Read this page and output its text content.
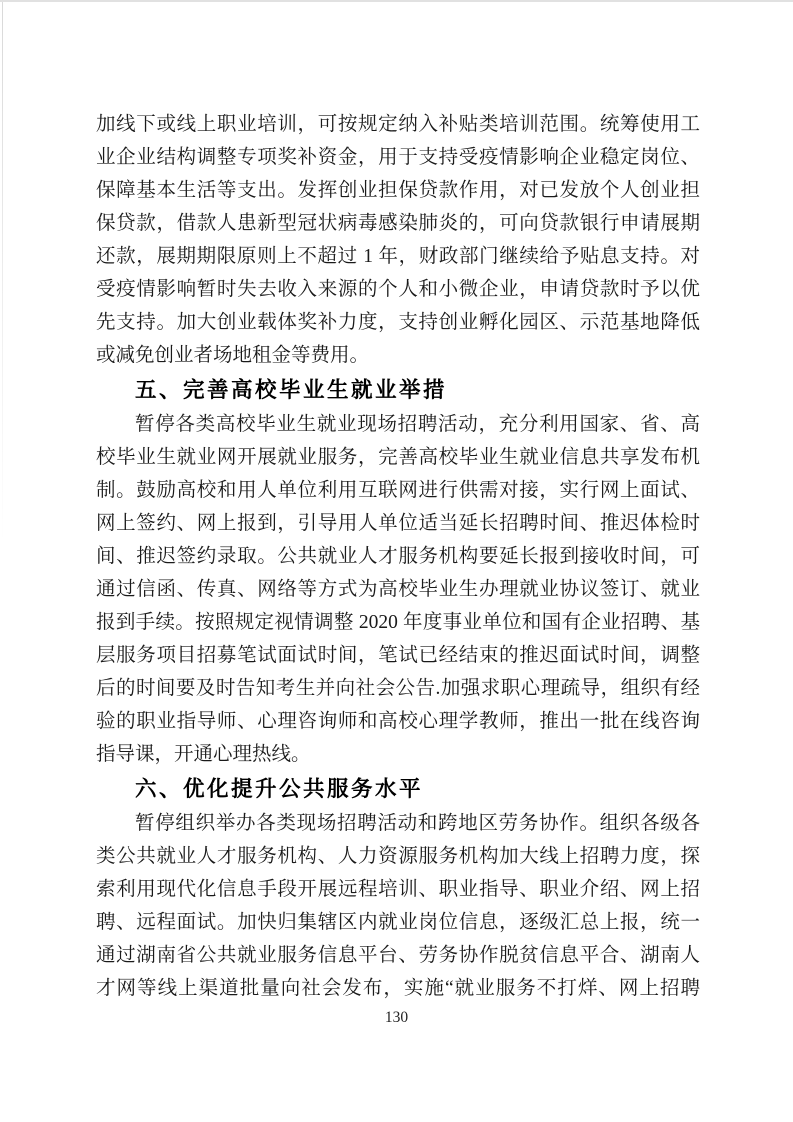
加线下或线上职业培训，可按规定纳入补贴类培训范围。统筹使用工
业企业结构调整专项奖补资金，用于支持受疫情影响企业稳定岗位、
保障基本生活等支出。发挥创业担保贷款作用，对已发放个人创业担
保贷款，借款人患新型冠状病毒感染肺炎的，可向贷款银行申请展期
还款，展期期限原则上不超过 1 年，财政部门继续给予贴息支持。对
受疫情影响暂时失去收入来源的个人和小微企业，申请贷款时予以优
先支持。加大创业载体奖补力度，支持创业孵化园区、示范基地降低
或减免创业者场地租金等费用。
五、完善高校毕业生就业举措
暂停各类高校毕业生就业现场招聘活动，充分利用国家、省、高
校毕业生就业网开展就业服务，完善高校毕业生就业信息共享发布机
制。鼓励高校和用人单位利用互联网进行供需对接，实行网上面试、
网上签约、网上报到，引导用人单位适当延长招聘时间、推迟体检时
间、推迟签约录取。公共就业人才服务机构要延长报到接收时间，可
通过信函、传真、网络等方式为高校毕业生办理就业协议签订、就业
报到手续。按照规定视情调整 2020 年度事业单位和国有企业招聘、基
层服务项目招募笔试面试时间，笔试已经结束的推迟面试时间，调整
后的时间要及时告知考生并向社会公告.加强求职心理疏导，组织有经
验的职业指导师、心理咨询师和高校心理学教师，推出一批在线咨询
指导课，开通心理热线。
六、优化提升公共服务水平
暂停组织举办各类现场招聘活动和跨地区劳务协作。组织各级各
类公共就业人才服务机构、人力资源服务机构加大线上招聘力度，探
索利用现代化信息手段开展远程培训、职业指导、职业介绍、网上招
聘、远程面试。加快归集辖区内就业岗位信息，逐级汇总上报，统一
通过湖南省公共就业服务信息平台、劳务协作脱贫信息平合、湖南人
才网等线上渠道批量向社会发布，实施“就业服务不打烊、网上招聘
130
